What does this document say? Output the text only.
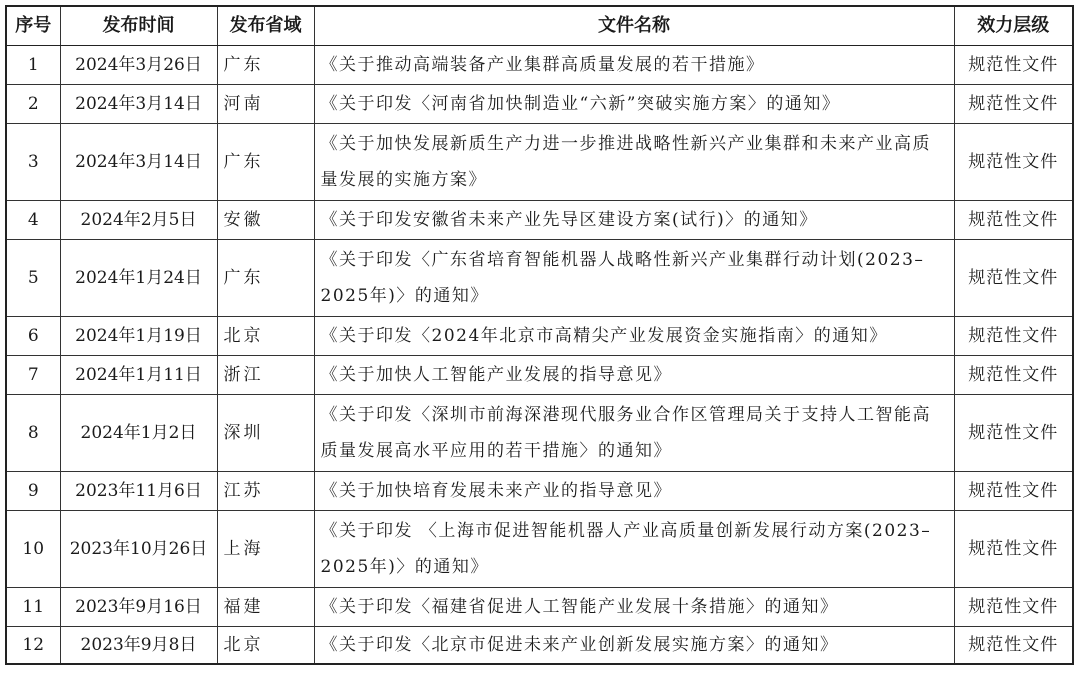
序号	发布时间	发布省域	文件名称	效力层级
1	2024年3月26日	广东	《关于推动高端装备产业集群高质量发展的若干措施》	规范性文件
2	2024年3月14日	河南	《关于印发〈河南省加快制造业“六新”突破实施方案〉的通知》	规范性文件
3	2024年3月14日	广东	《关于加快发展新质生产力进一步推进战略性新兴产业集群和未来产业高质量发展的实施方案》	规范性文件
4	2024年2月5日	安徽	《关于印发安徽省未来产业先导区建设方案(试行)〉的通知》	规范性文件
5	2024年1月24日	广东	《关于印发〈广东省培育智能机器人战略性新兴产业集群行动计划(2023–2025年)〉的通知》	规范性文件
6	2024年1月19日	北京	《关于印发〈2024年北京市高精尖产业发展资金实施指南〉的通知》	规范性文件
7	2024年1月11日	浙江	《关于加快人工智能产业发展的指导意见》	规范性文件
8	2024年1月2日	深圳	《关于印发〈深圳市前海深港现代服务业合作区管理局关于支持人工智能高质量发展高水平应用的若干措施〉的通知》	规范性文件
9	2023年11月6日	江苏	《关于加快培育发展未来产业的指导意见》	规范性文件
10	2023年10月26日	上海	《关于印发 〈上海市促进智能机器人产业高质量创新发展行动方案(2023–2025年)〉的通知》	规范性文件
11	2023年9月16日	福建	《关于印发〈福建省促进人工智能产业发展十条措施〉的通知》	规范性文件
12	2023年9月8日	北京	《关于印发〈北京市促进未来产业创新发展实施方案〉的通知》	规范性文件
